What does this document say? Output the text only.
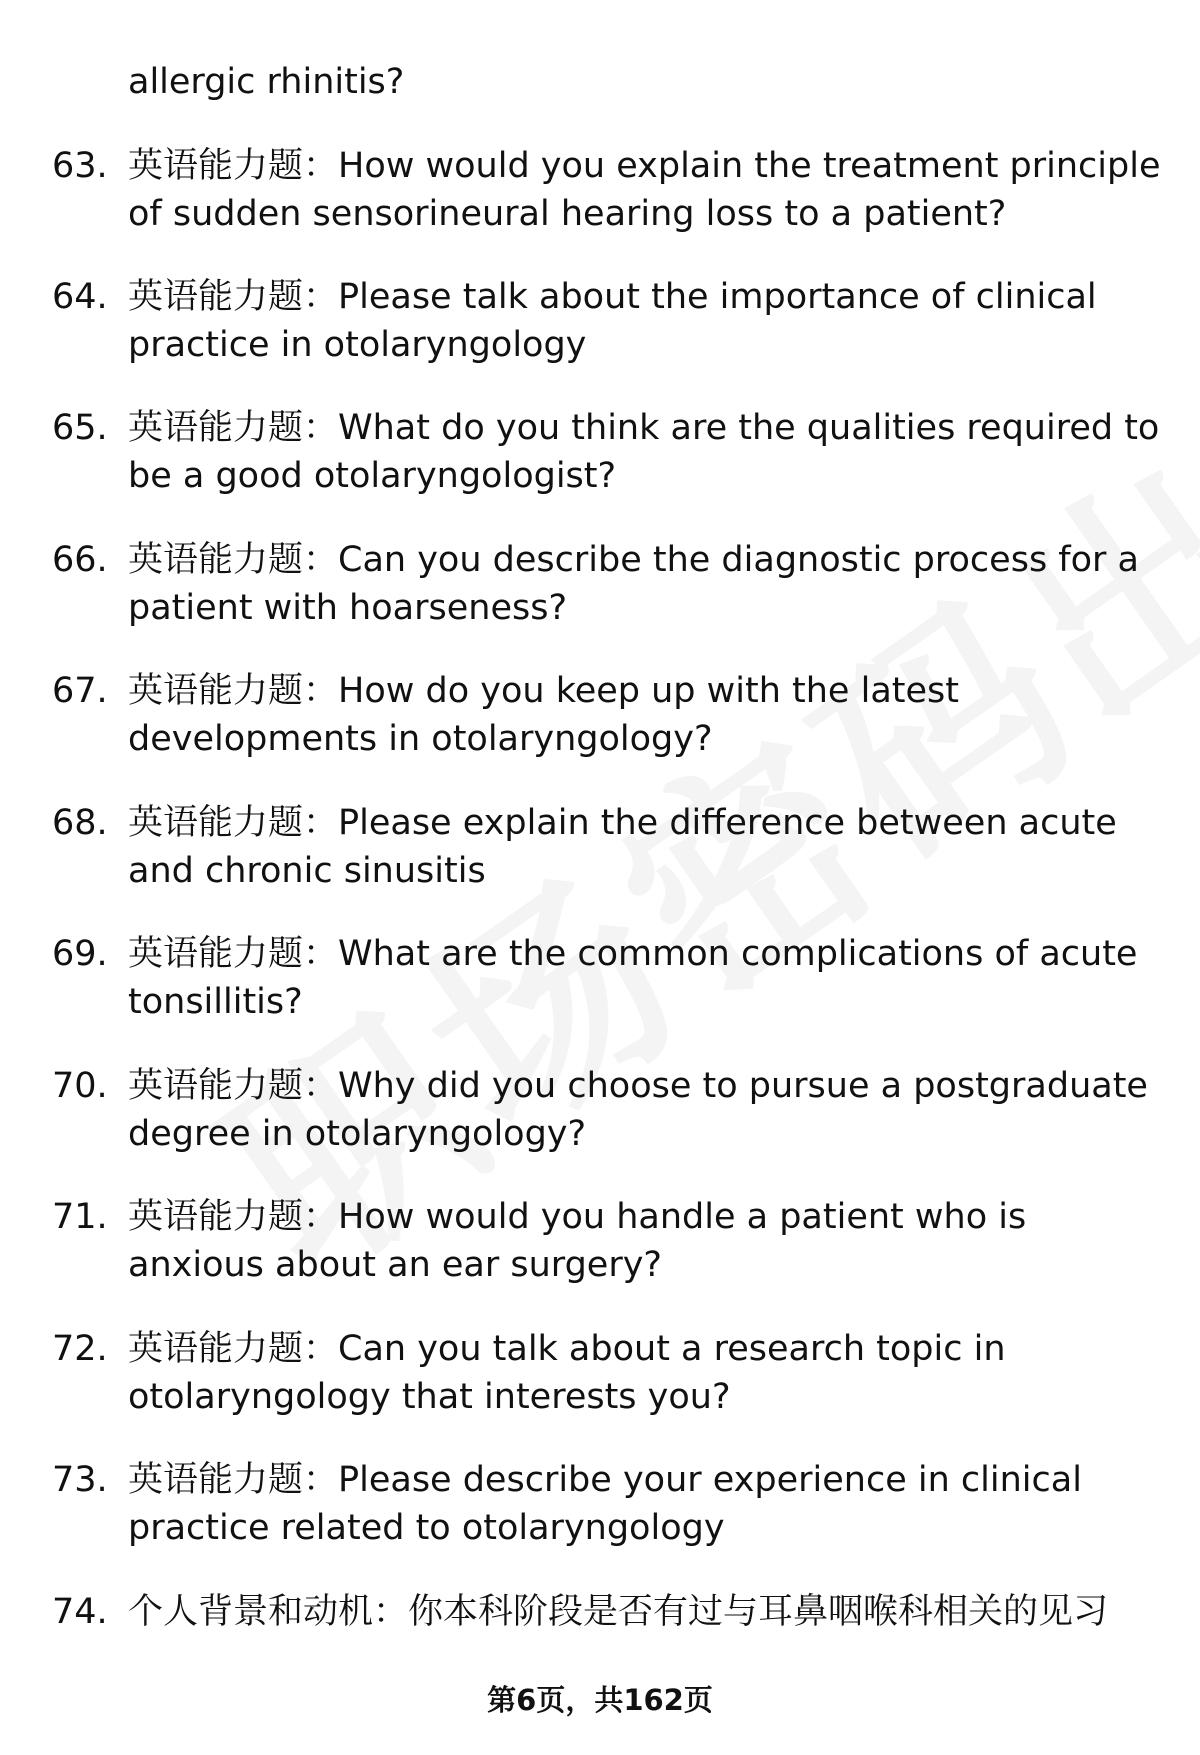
allergic rhinitis?
63. 英语能力题：How would you explain the treatment principle
of sudden sensorineural hearing loss to a patient?
64. 英语能力题：Please talk about the importance of clinical
practice in otolaryngology
65. 英语能力题：What do you think are the qualities required to
be a good otolaryngologist?
66. 英语能力题：Can you describe the diagnostic process for a
patient with hoarseness?
67. 英语能力题：How do you keep up with the latest
developments in otolaryngology?
68. 英语能力题：Please explain the difference between acute
and chronic sinusitis
69. 英语能力题：What are the common complications of acute
tonsillitis?
70. 英语能力题：Why did you choose to pursue a postgraduate
degree in otolaryngology?
71. 英语能力题：How would you handle a patient who is
anxious about an ear surgery?
72. 英语能力题：Can you talk about a research topic in
otolaryngology that interests you?
73. 英语能力题：Please describe your experience in clinical
practice related to otolaryngology
74. 个人背景和动机：你本科阶段是否有过与耳鼻咽喉科相关的见习
第6页，共162页
